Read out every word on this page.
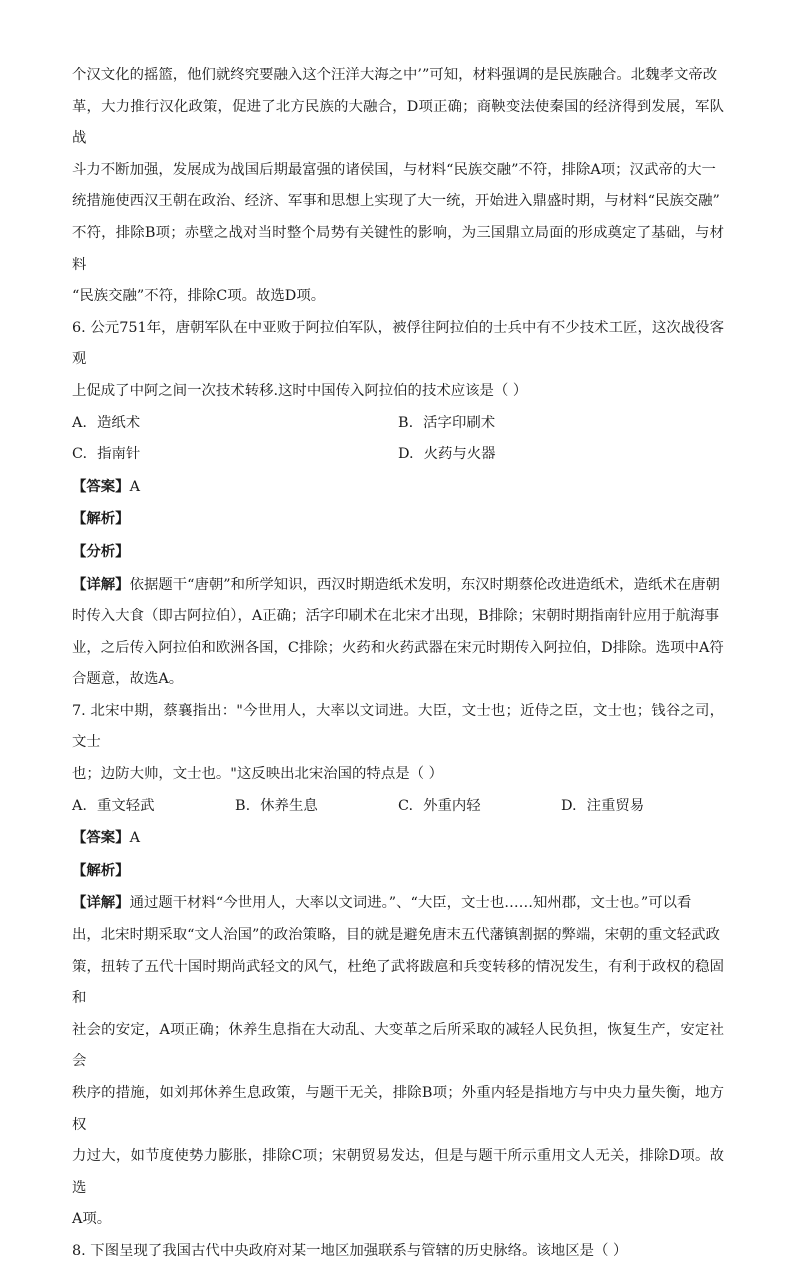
个汉文化的摇篮，他们就终究要融入这个汪洋大海之中’”可知，材料强调的是民族融合。北魏孝文帝改

革，大力推行汉化政策，促进了北方民族的大融合，D项正确；商鞅变法使秦国的经济得到发展，军队战

斗力不断加强，发展成为战国后期最富强的诸侯国，与材料“民族交融”不符，排除A项；汉武帝的大一

统措施使西汉王朝在政治、经济、军事和思想上实现了大一统，开始进入鼎盛时期，与材料“民族交融”

不符，排除B项；赤壁之战对当时整个局势有关键性的影响，为三国鼎立局面的形成奠定了基础，与材料

“民族交融”不符，排除C项。故选D项。

6. 公元751年，唐朝军队在中亚败于阿拉伯军队，被俘往阿拉伯的士兵中有不少技术工匠，这次战役客观

上促成了中阿之间一次技术转移.这时中国传入阿拉伯的技术应该是（ ）

A. 造纸术	B. 活字印刷术
C. 指南针	D. 火药与火器

【答案】A

【解析】

【分析】

【详解】依据题干“唐朝”和所学知识，西汉时期造纸术发明，东汉时期蔡伦改进造纸术，造纸术在唐朝

时传入大食（即古阿拉伯），A正确；活字印刷术在北宋才出现，B排除；宋朝时期指南针应用于航海事

业，之后传入阿拉伯和欧洲各国，C排除；火药和火药武器在宋元时期传入阿拉伯，D排除。选项中A符

合题意，故选A。

7. 北宋中期，蔡襄指出："今世用人，大率以文词进。大臣，文士也；近侍之臣，文士也；钱谷之司，文士

也；边防大帅，文士也。"这反映出北宋治国的特点是（ ）

A. 重文轻武	B. 休养生息	C. 外重内轻	D. 注重贸易

【答案】A

【解析】

【详解】通过题干材料“今世用人，大率以文词进。”、“大臣，文士也……知州郡，文士也。”可以看

出，北宋时期采取“文人治国”的政治策略，目的就是避免唐末五代藩镇割据的弊端，宋朝的重文轻武政

策，扭转了五代十国时期尚武轻文的风气，杜绝了武将跋扈和兵变转移的情况发生，有利于政权的稳固和

社会的安定，A项正确；休养生息指在大动乱、大变革之后所采取的减轻人民负担，恢复生产，安定社会

秩序的措施，如刘邦休养生息政策，与题干无关，排除B项；外重内轻是指地方与中央力量失衡，地方权

力过大，如节度使势力膨胀，排除C项；宋朝贸易发达，但是与题干所示重用文人无关，排除D项。故选

A项。

8. 下图呈现了我国古代中央政府对某一地区加强联系与管辖的历史脉络。该地区是（ ）
